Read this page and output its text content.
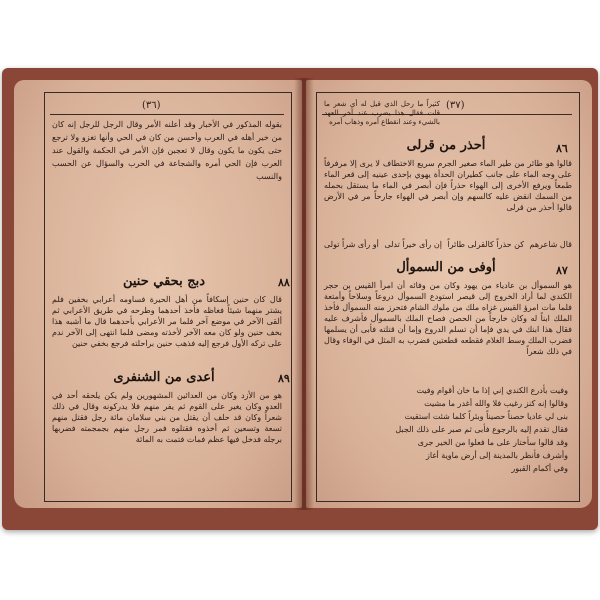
(٣٦)
بقوله المذكور في الأخبار وقد أعلنه الأمر وقال الرجل للرجل إنه كان من خير أهله في العرب وأحسن من كان في الحي وأنها تغزو ولا ترجع حتى يكون ما يكون وقال لا تعجبن فإن الأمر في الحكمة والقول عند العرب فإن الحي أمره والشجاعة في الحرب والسؤال عن الحسب والنسب
٨٨
دبج بحقي حنين
قال كان حنين إسكافاً من أهل الحيرة فساومه أعرابي بخفين فلم يشتر منهما شيئاً فغاظه فأخذ أحدهما وطرحه في طريق الأعرابي ثم ألقى الآخر في موضع آخر فلما مر الأعرابي بأحدهما قال ما أشبه هذا بخف حنين ولو كان معه الآخر لأخذته ومضى فلما انتهى إلى الآخر ندم على تركه الأول فرجع إليه فذهب حنين براحلته فرجع بخفي حنين
٨٩
أعدى من الشنفرى
هو من الأزد وكان من العدائين المشهورين ولم يكن يلحقه أحد في العدو وكان يغير على القوم ثم يفر منهم فلا يدركونه وقال في ذلك شعراً وكان قد حلف أن يقتل من بني سلامان مائة رجل فقتل منهم تسعة وتسعين ثم أخذوه فقتلوه فمر رجل منهم بجمجمته فضربها برجله فدخل فيها عظم فمات فتمت به المائة
(٣٧)
كثيراً ما رحل الذي قيل له أي شعر ما قلت فقال هذا يضرب عند آخر العهد بالشيء وعند انقطاع أمره وذهاب أمره
٨٦
أحذر من قرلى
قالوا هو طائر من طير الماء صغير الجرم سريع الاختطاف لا يرى إلا مرفرفاً على وجه الماء على جانب كطيران الحدأة يهوي بإحدى عينيه إلى قعر الماء طمعاً ويرفع الأخرى إلى الهواء حذراً فإن أبصر في الماء ما يستقل بحمله من السمك انقض عليه كالسهم وإن أبصر في الهواء جارحاً مر في الأرض قالوا أحذر من قرلى
قال شاعرهم
كن حذراً كالقرلى طائراً
إن رأى خيراً تدلى
أو رأى شراً تولى
٨٧
أوفى من السموأل
هو السموأل بن عادياء من يهود وكان من وفائه أن امرأ القيس بن حجر الكندي لما أراد الخروج إلى قيصر استودع السموأل دروعاً وسلاحاً وأمتعة فلما مات امرؤ القيس غزاه ملك من ملوك الشام فتحرز منه السموأل فأخذ الملك ابناً له وكان خارجاً من الحصن فصاح الملك بالسموأل فأشرف عليه فقال هذا ابنك في يدي فإما أن تسلم الدروع وإما أن قتلته فأبى أن يسلمها فضرب الملك وسط الغلام فقطعه قطعتين فضرب به المثل في الوفاء وقال في ذلك شعراً
وفيت بأدرع الكندي إني إذا ما خان أقوام وفيت
وقالوا إنه كنز رغيب فلا والله أغدر ما مشيت
بنى لي عاديا حصناً حصيناً وبئراً كلما شئت استقيت
فقال تقدم إليه بالرجوع فأبى ثم صبر على ذلك الجبل
وقد قالوا سأختار على ما فعلوا من الخير جرى
وأشرف فأنظر بالمدينة إلى أرض ماوية أغاز
وفي أكمام القبور
